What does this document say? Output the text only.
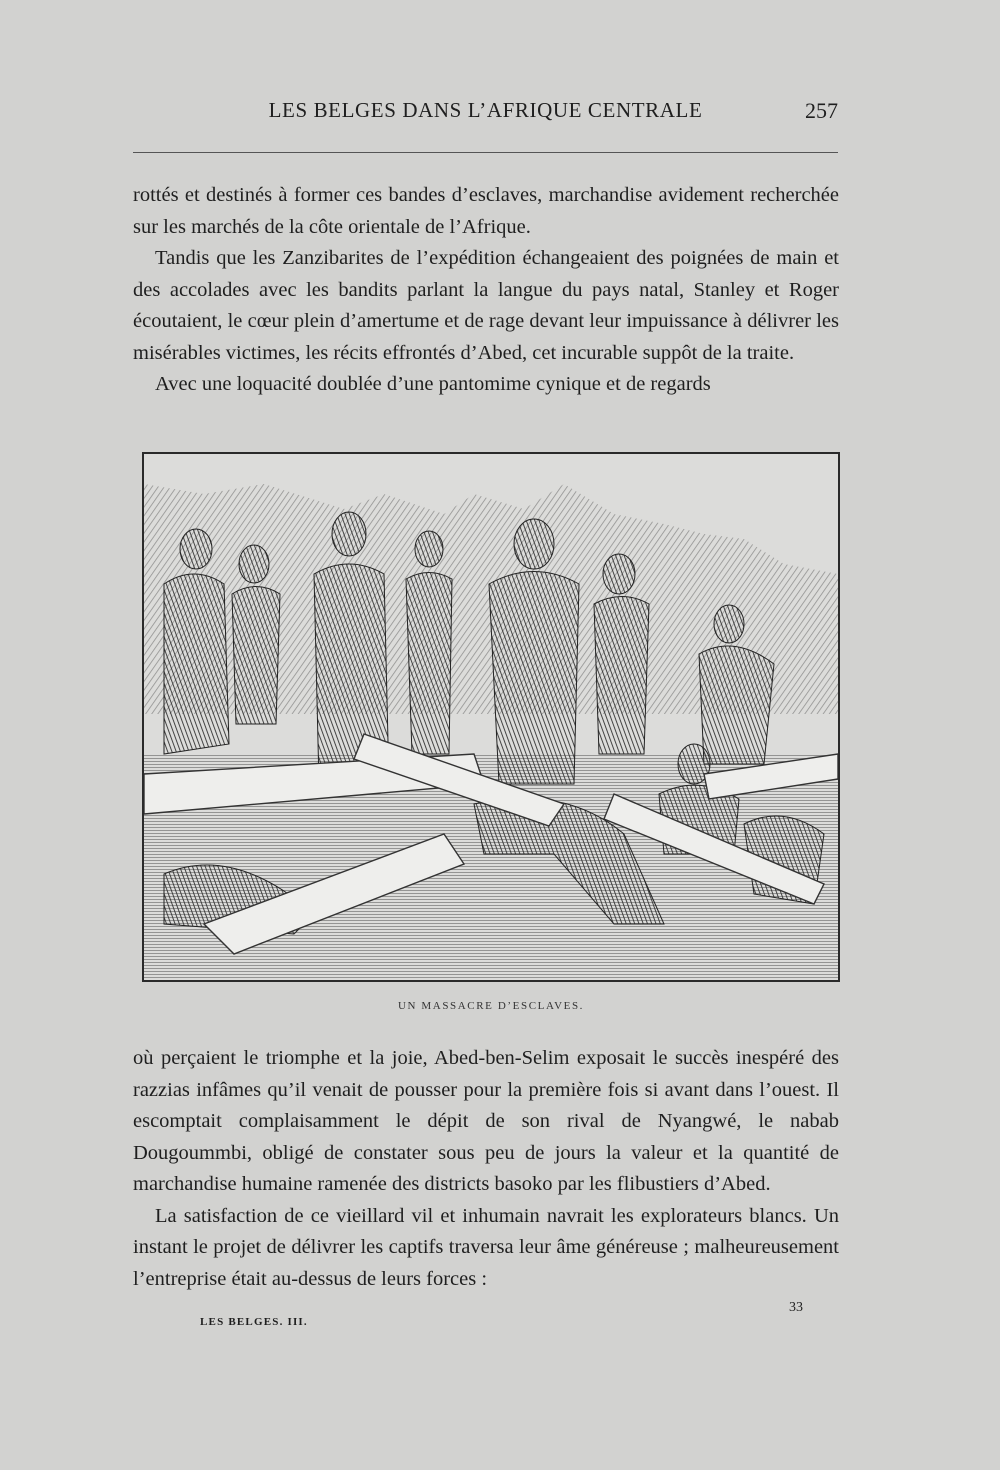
LES BELGES DANS L’AFRIQUE CENTRALE	257

rottés et destinés à former ces bandes d’esclaves, marchandise avidement recherchée sur les marchés de la côte orientale de l’Afrique.

Tandis que les Zanzibarites de l’expédition échangeaient des poignées de main et des accolades avec les bandits parlant la langue du pays natal, Stanley et Roger écoutaient, le cœur plein d’amertume et de rage devant leur impuissance à délivrer les misérables victimes, les récits effrontés d’Abed, cet incurable suppôt de la traite.

Avec une loquacité doublée d’une pantomime cynique et de regards

UN MASSACRE D’ESCLAVES.

où perçaient le triomphe et la joie, Abed-ben-Selim exposait le succès inespéré des razzias infâmes qu’il venait de pousser pour la première fois si avant dans l’ouest. Il escomptait complaisamment le dépit de son rival de Nyangwé, le nabab Dougoummbi, obligé de constater sous peu de jours la valeur et la quantité de marchandise humaine ramenée des districts basoko par les flibustiers d’Abed.

La satisfaction de ce vieillard vil et inhumain navrait les explorateurs blancs. Un instant le projet de délivrer les captifs traversa leur âme généreuse ; malheureusement l’entreprise était au-dessus de leurs forces :

LES BELGES. III.
33
